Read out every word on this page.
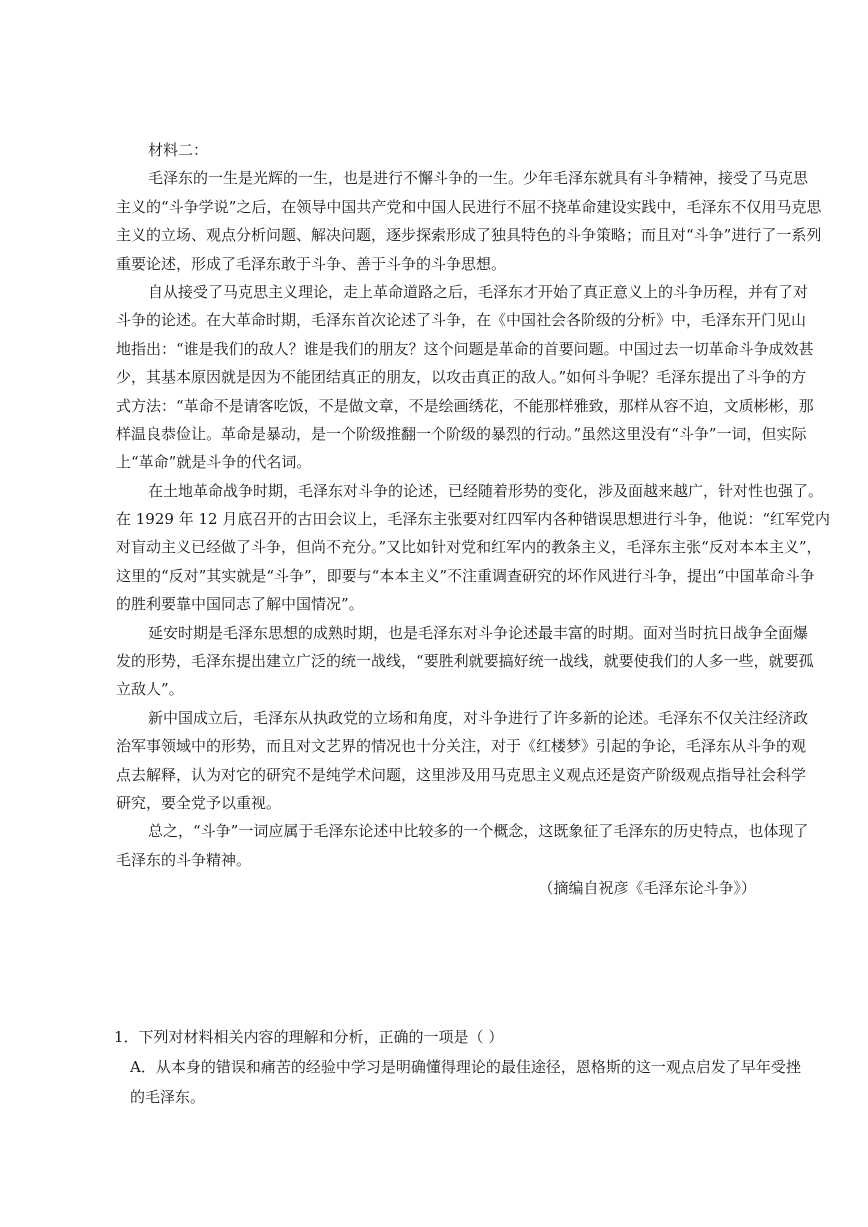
材料二：
毛泽东的一生是光辉的一生，也是进行不懈斗争的一生。少年毛泽东就具有斗争精神，接受了马克思
主义的“斗争学说”之后，在领导中国共产党和中国人民进行不屈不挠革命建设实践中，毛泽东不仅用马克思
主义的立场、观点分析问题、解决问题，逐步探索形成了独具特色的斗争策略；而且对“斗争”进行了一系列
重要论述，形成了毛泽东敢于斗争、善于斗争的斗争思想。
自从接受了马克思主义理论，走上革命道路之后，毛泽东才开始了真正意义上的斗争历程，并有了对
斗争的论述。在大革命时期，毛泽东首次论述了斗争，在《中国社会各阶级的分析》中，毛泽东开门见山
地指出：“谁是我们的敌人？谁是我们的朋友？这个问题是革命的首要问题。中国过去一切革命斗争成效甚
少，其基本原因就是因为不能团结真正的朋友，以攻击真正的敌人。”如何斗争呢？毛泽东提出了斗争的方
式方法：“革命不是请客吃饭，不是做文章，不是绘画绣花，不能那样雅致，那样从容不迫，文质彬彬，那
样温良恭俭让。革命是暴动，是一个阶级推翻一个阶级的暴烈的行动。”虽然这里没有“斗争”一词，但实际
上“革命”就是斗争的代名词。
在土地革命战争时期，毛泽东对斗争的论述，已经随着形势的变化，涉及面越来越广，针对性也强了。
在 1929 年 12 月底召开的古田会议上，毛泽东主张要对红四军内各种错误思想进行斗争，他说：“红军党内
对盲动主义已经做了斗争，但尚不充分。”又比如针对党和红军内的教条主义，毛泽东主张“反对本本主义”，
这里的“反对”其实就是“斗争”，即要与“本本主义”不注重调查研究的坏作风进行斗争，提出“中国革命斗争
的胜利要靠中国同志了解中国情况”。
延安时期是毛泽东思想的成熟时期，也是毛泽东对斗争论述最丰富的时期。面对当时抗日战争全面爆
发的形势，毛泽东提出建立广泛的统一战线，“要胜利就要搞好统一战线，就要使我们的人多一些，就要孤
立敌人”。
新中国成立后，毛泽东从执政党的立场和角度，对斗争进行了许多新的论述。毛泽东不仅关注经济政
治军事领域中的形势，而且对文艺界的情况也十分关注，对于《红楼梦》引起的争论，毛泽东从斗争的观
点去解释，认为对它的研究不是纯学术问题，这里涉及用马克思主义观点还是资产阶级观点指导社会科学
研究，要全党予以重视。
总之，“斗争”一词应属于毛泽东论述中比较多的一个概念，这既象征了毛泽东的历史特点，也体现了
毛泽东的斗争精神。
（摘编自祝彦《毛泽东论斗争》）
1．下列对材料相关内容的理解和分析，正确的一项是（ ）
A．从本身的错误和痛苦的经验中学习是明确懂得理论的最佳途径，恩格斯的这一观点启发了早年受挫
的毛泽东。
